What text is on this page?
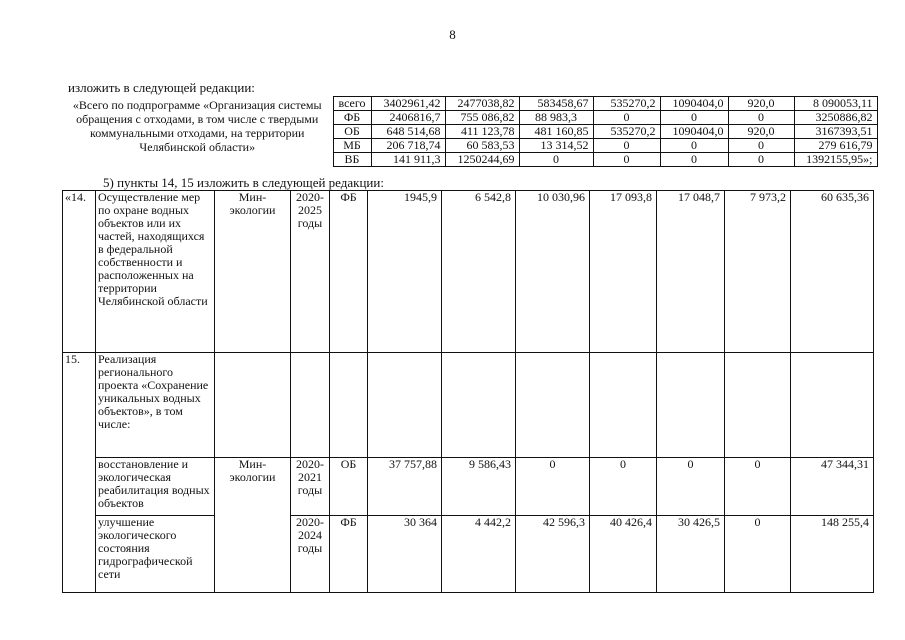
8
изложить в следующей редакции:
«Всего по подпрограмме «Организация системы обращения с отходами, в том числе с твердыми коммунальными отходами, на территории Челябинской области»	всего	3402961,42	2477038,82	583458,67	535270,2	1090404,0	920,0	8 090053,11
	ФБ	2406816,7	755 086,82	88 983,3	0	0	0	3250886,82
	ОБ	648 514,68	411 123,78	481 160,85	535270,2	1090404,0	920,0	3167393,51
	МБ	206 718,74	60 583,53	13 314,52	0	0	0	279 616,79
	ВБ	141 911,3	1250244,69	0	0	0	0	1392155,95»;
5) пункты 14, 15 изложить в следующей редакции:
«14.	Осуществление мер по охране водных объектов или их частей, находящихся в федеральной собственности и расположенных на территории Челябинской области	Мин-экологии	2020-2025 годы	ФБ	1945,9	6 542,8	10 030,96	17 093,8	17 048,7	7 973,2	60 635,36
15.	Реализация регионального проекта «Сохранение уникальных водных объектов», в том числе:										
	восстановление и экологическая реабилитация водных объектов	Мин-экологии	2020-2021 годы	ОБ	37 757,88	9 586,43	0	0	0	0	47 344,31
	улучшение экологического состояния гидрографической сети		2020-2024 годы	ФБ	30 364	4 442,2	42 596,3	40 426,4	30 426,5	0	148 255,4
